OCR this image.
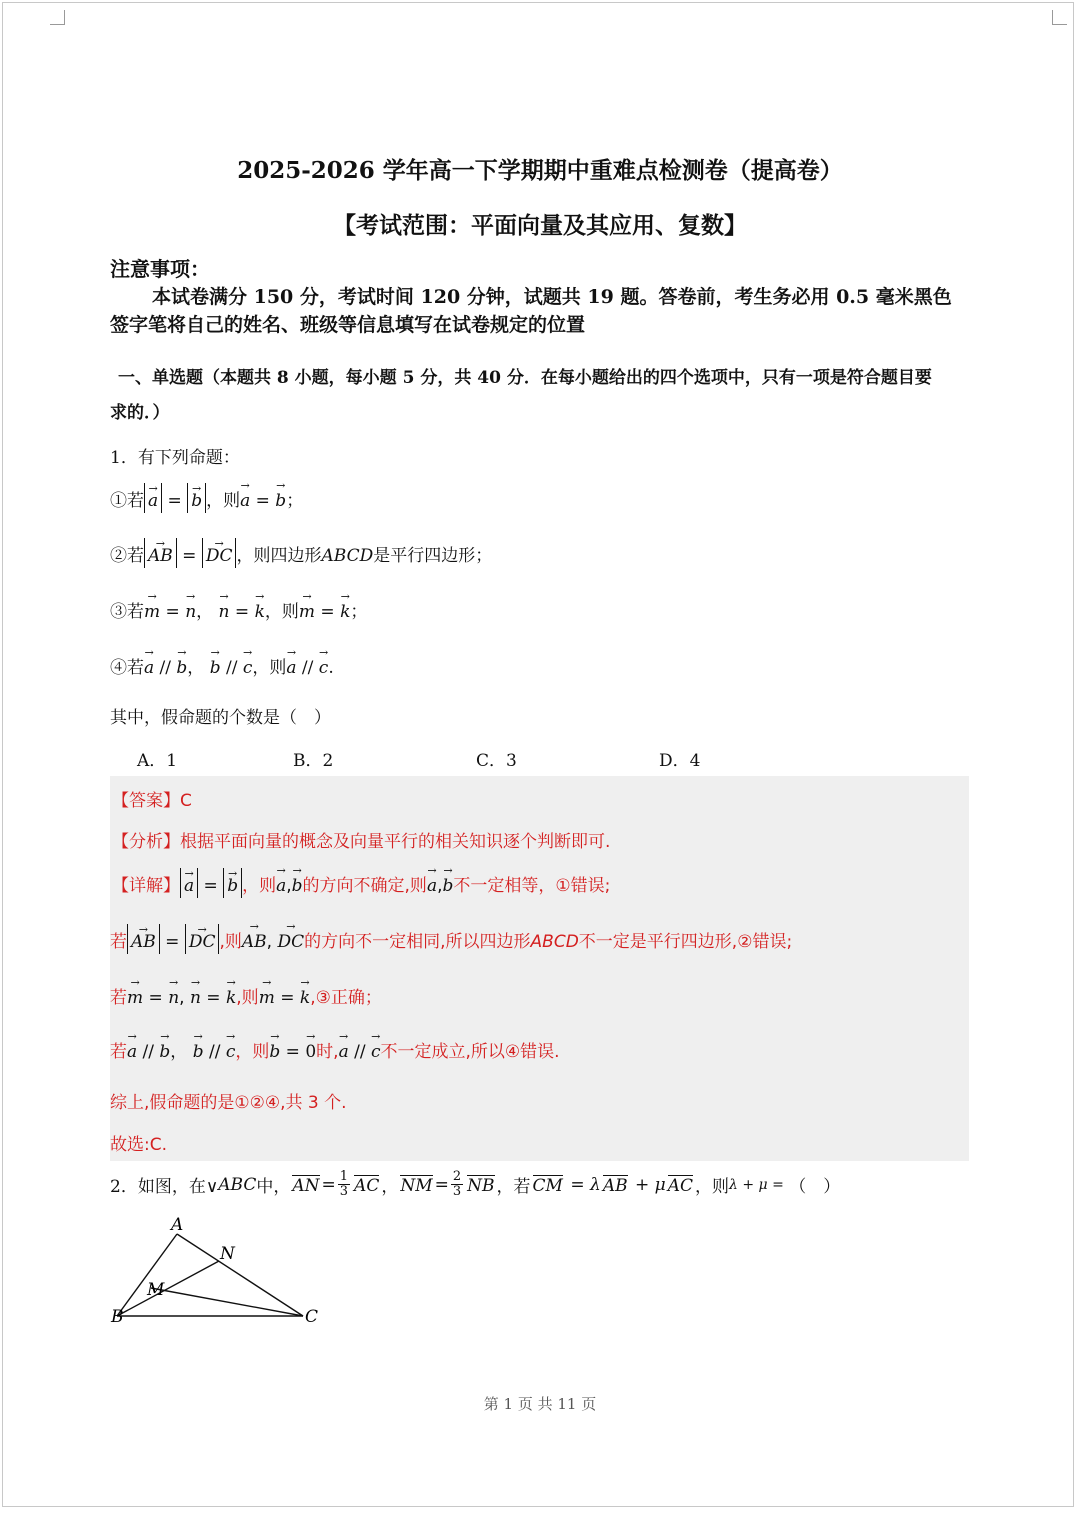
2025-2026 学年高一下学期期中重难点检测卷（提高卷）
【考试范围：平面向量及其应用、复数】
注意事项：
本试卷满分 150 分，考试时间 120 分钟，试题共 19 题。答卷前，考生务必用 0.5 毫米黑色
签字笔将自己的姓名、班级等信息填写在试卷规定的位置
一、单选题（本题共 8 小题，每小题 5 分，共 40 分．在每小题给出的四个选项中，只有一项是符合题目要
求的．）
1．有下列命题：
①若 → a = → b ，则→ a = → b；
②若 → AB = → DC ，则四边形ABCD是平行四边形；
③若→ m = → n， → n = → k，则→ m = → k；
④若→ a // → b， → b // → c，则→ a // → c.
其中，假命题的个数是（　）
A．1	B．2	C．3	D．4
【答案】C
【分析】根据平面向量的概念及向量平行的相关知识逐个判断即可.
【详解】 → a = → b ，则→ a,→ b的方向不确定,则→ a,→ b不一定相等，①错误;
若 → AB = → DC ,则→ AB, → DC的方向不一定相同,所以四边形ABCD不一定是平行四边形,②错误;
若→ m = → n, → n = → k,则→ m = → k,③正确；
若→ a // → b， → b // → c，则→ b = → 0时,→ a // → c不一定成立,所以④错误.
综上,假命题的是①②④,共 3 个.
故选:C.
2．如图，在∨ ABC 中， AN = $\frac{1}{3}$ AC ， NM = $\frac{2}{3}$ NB ，若 CM = λ AB + μ AC ，则 λ + μ =
（　）
A
N
M
B	C
第 1 页 共 11 页
